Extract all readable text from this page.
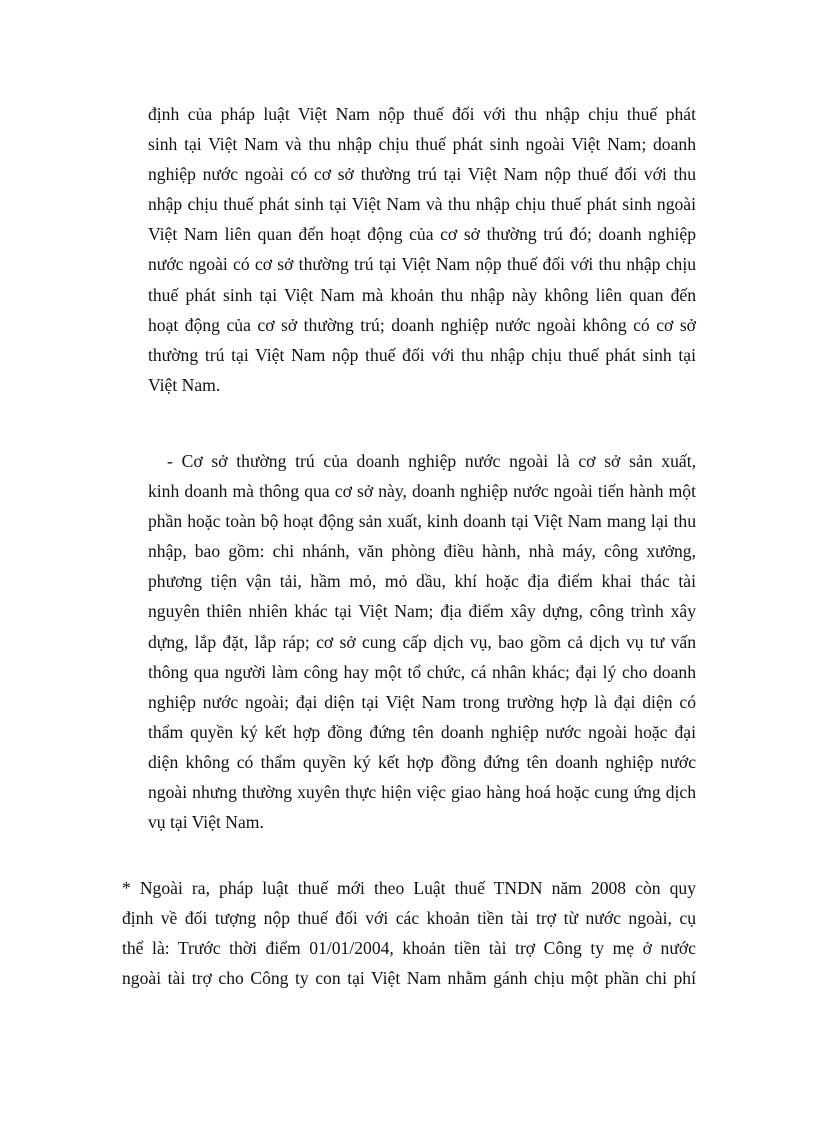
định của pháp luật Việt Nam nộp thuế đối với thu nhập chịu thuế phát
sinh tại Việt Nam và thu nhập chịu thuế phát sinh ngoài Việt Nam; doanh
nghiệp nước ngoài có cơ sở thường trú tại Việt Nam nộp thuế đối với thu
nhập chịu thuế phát sinh tại Việt Nam và thu nhập chịu thuế phát sinh ngoài
Việt Nam liên quan đến hoạt động của cơ sở thường trú đó; doanh nghiệp
nước ngoài có cơ sở thường trú tại Việt Nam nộp thuế đối với thu nhập chịu
thuế phát sinh tại Việt Nam mà khoản thu nhập này không liên quan đến
hoạt động của cơ sở thường trú; doanh nghiệp nước ngoài không có cơ sở
thường trú tại Việt Nam nộp thuế đối với thu nhập chịu thuế phát sinh tại
Việt Nam.
- Cơ sở thường trú của doanh nghiệp nước ngoài là cơ sở sản xuất,
kinh doanh mà thông qua cơ sở này, doanh nghiệp nước ngoài tiến hành một
phần hoặc toàn bộ hoạt động sản xuất, kinh doanh tại Việt Nam mang lại thu
nhập, bao gồm: chi nhánh, văn phòng điều hành, nhà máy, công xưởng,
phương tiện vận tải, hầm mỏ, mỏ dầu, khí hoặc địa điểm khai thác tài
nguyên thiên nhiên khác tại Việt Nam; địa điểm xây dựng, công trình xây
dựng, lắp đặt, lắp ráp; cơ sở cung cấp dịch vụ, bao gồm cả dịch vụ tư vấn
thông qua người làm công hay một tổ chức, cá nhân khác; đại lý cho doanh
nghiệp nước ngoài; đại diện tại Việt Nam trong trường hợp là đại diện có
thẩm quyền ký kết hợp đồng đứng tên doanh nghiệp nước ngoài hoặc đại
diện không có thẩm quyền ký kết hợp đồng đứng tên doanh nghiệp nước
ngoài nhưng thường xuyên thực hiện việc giao hàng hoá hoặc cung ứng dịch
vụ tại Việt Nam.
* Ngoài ra, pháp luật thuế mới theo Luật thuế TNDN năm 2008 còn quy
định về đối tượng nộp thuế đối với các khoản tiền tài trợ từ nước ngoài, cụ
thể là: Trước thời điểm 01/01/2004, khoản tiền tài trợ Công ty mẹ ở nước
ngoài tài trợ cho Công ty con tại Việt Nam nhằm gánh chịu một phần chi phí
